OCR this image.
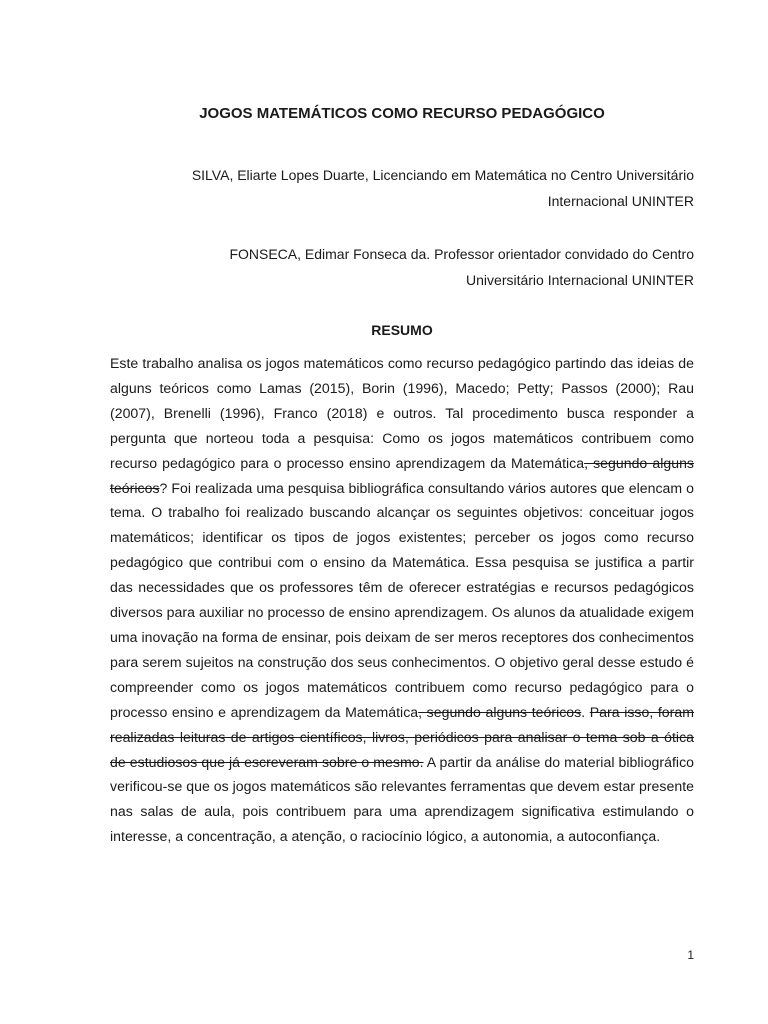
JOGOS MATEMÁTICOS COMO RECURSO PEDAGÓGICO
SILVA, Eliarte Lopes Duarte, Licenciando em Matemática no Centro Universitário
Internacional UNINTER
FONSECA, Edimar Fonseca da. Professor orientador convidado do Centro
Universitário Internacional UNINTER
RESUMO

Este trabalho analisa os jogos matemáticos como recurso pedagógico partindo das ideias de alguns teóricos como Lamas (2015), Borin (1996), Macedo; Petty; Passos (2000); Rau (2007), Brenelli (1996), Franco (2018) e outros. Tal procedimento busca responder a pergunta que norteou toda a pesquisa: Como os jogos matemáticos contribuem como recurso pedagógico para o processo ensino aprendizagem da Matemática, segundo alguns teóricos? Foi realizada uma pesquisa bibliográfica consultando vários autores que elencam o tema. O trabalho foi realizado buscando alcançar os seguintes objetivos: conceituar jogos matemáticos; identificar os tipos de jogos existentes; perceber os jogos como recurso pedagógico que contribui com o ensino da Matemática. Essa pesquisa se justifica a partir das necessidades que os professores têm de oferecer estratégias e recursos pedagógicos diversos para auxiliar no processo de ensino aprendizagem. Os alunos da atualidade exigem uma inovação na forma de ensinar, pois deixam de ser meros receptores dos conhecimentos para serem sujeitos na construção dos seus conhecimentos. O objetivo geral desse estudo é compreender como os jogos matemáticos contribuem como recurso pedagógico para o processo ensino e aprendizagem da Matemática, segundo alguns teóricos. Para isso, foram realizadas leituras de artigos científicos, livros, periódicos para analisar o tema sob a ótica de estudiosos que já escreveram sobre o mesmo. A partir da análise do material bibliográfico verificou-se que os jogos matemáticos são relevantes ferramentas que devem estar presente nas salas de aula, pois contribuem para uma aprendizagem significativa estimulando o interesse, a concentração, a atenção, o raciocínio lógico, a autonomia, a autoconfiança.

1
